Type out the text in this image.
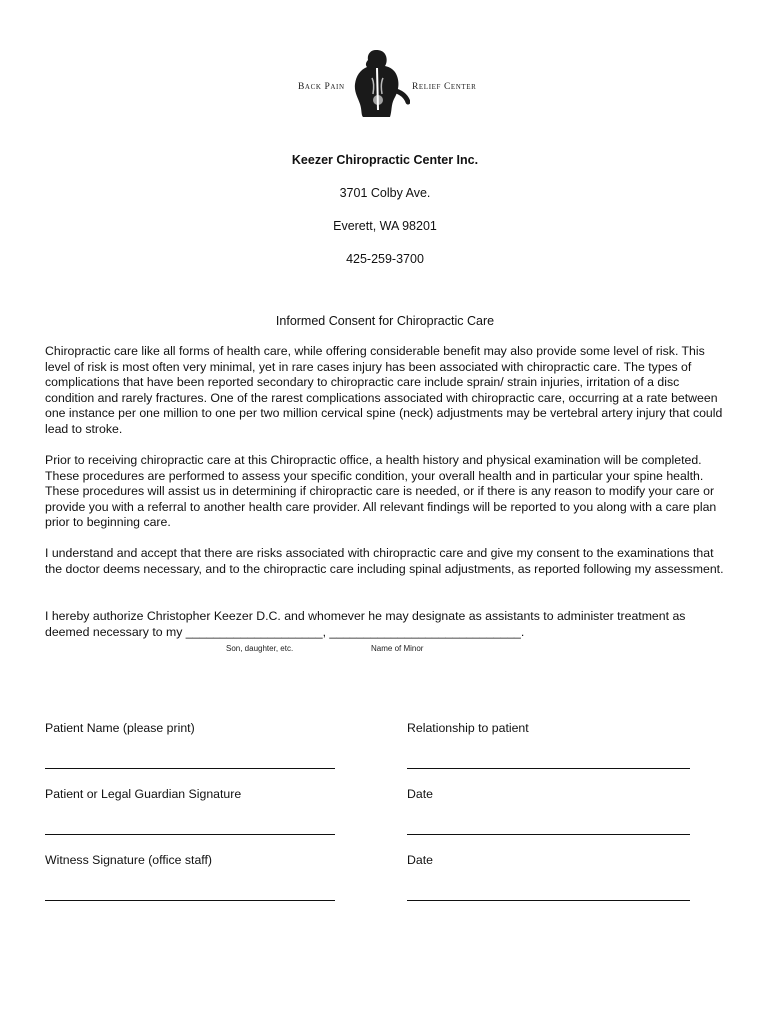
Back Pain	Relief Center
Keezer Chiropractic Center Inc.
3701 Colby Ave.
Everett, WA 98201
425-259-3700
Informed Consent for Chiropractic Care

Chiropractic care like all forms of health care, while offering considerable benefit may also provide some level of risk. This level of risk is most often very minimal, yet in rare cases injury has been associated with chiropractic care. The types of complications that have been reported secondary to chiropractic care include sprain/ strain injuries, irritation of a disc condition and rarely fractures. One of the rarest complications associated with chiropractic care, occurring at a rate between one instance per one million to one per two million cervical spine (neck) adjustments may be vertebral artery injury that could lead to stroke.

Prior to receiving chiropractic care at this Chiropractic office, a health history and physical examination will be completed. These procedures are performed to assess your specific condition, your overall health and in particular your spine health. These procedures will assist us in determining if chiropractic care is needed, or if there is any reason to modify your care or provide you with a referral to another health care provider. All relevant findings will be reported to you along with a care plan prior to beginning care.

I understand and accept that there are risks associated with chiropractic care and give my consent to the examinations that the doctor deems necessary, and to the chiropractic care including spinal adjustments, as reported following my assessment.

I hereby authorize Christopher Keezer D.C. and whomever he may designate as assistants to administer treatment as deemed necessary to my ____________________, ____________________________.

Son, daughter, etc.	Name of Minor
Patient Name (please print)	Relationship to patient
Patient or Legal Guardian Signature	Date
Witness Signature (office staff)	Date
